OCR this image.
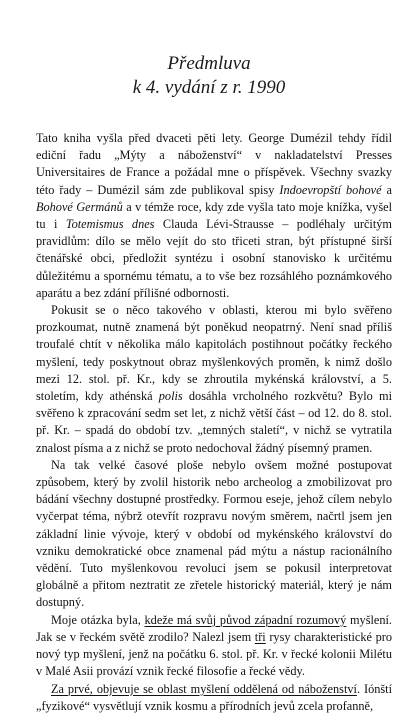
Předmluva
k 4. vydání z r. 1990

Tato kniha vyšla před dvaceti pěti lety. George Dumézil tehdy řídil ediční řadu „Mýty a náboženství“ v nakladatelství Presses Universitaires de France a požádal mne o příspěvek. Všechny svazky této řady – Dumézil sám zde publikoval spisy Indoevropští bohové a Bohové Germánů a v témže roce, kdy zde vyšla tato moje knížka, vyšel tu i Totemismus dnes Clauda Lévi-Strausse – podléhaly určitým pravidlům: dílo se mělo vejít do sto třiceti stran, být přístupné širší čtenářské obci, předložit syntézu i osobní stanovisko k určitému důležitému a spornému tématu, a to vše bez rozsáhlého poznámkového aparátu a bez zdání přílišné odbornosti.

Pokusit se o něco takového v oblasti, kterou mi bylo svěřeno prozkoumat, nutně znamená být poněkud neopatrný. Není snad příliš troufalé chtít v několika málo kapitolách postihnout počátky řeckého myšlení, tedy poskytnout obraz myšlenkových proměn, k nimž došlo mezi 12. stol. př. Kr., kdy se zhroutila mykénská království, a 5. stoletím, kdy athénská polis dosáhla vrcholného rozkvětu? Bylo mi svěřeno k zpracování sedm set let, z nichž větší část – od 12. do 8. stol. př. Kr. – spadá do období tzv. „temných staletí“, v nichž se vytratila znalost písma a z nichž se proto nedochoval žádný písemný pramen.

Na tak velké časové ploše nebylo ovšem možné postupovat způsobem, který by zvolil historik nebo archeolog a zmobilizovat pro bádání všechny dostupné prostředky. Formou eseje, jehož cílem nebylo vyčerpat téma, nýbrž otevřít rozpravu novým směrem, načrtl jsem jen základní linie vývoje, který v období od mykénského království do vzniku demokratické obce znamenal pád mýtu a nástup racionálního vědění. Tuto myšlenkovou revoluci jsem se pokusil interpretovat globálně a přitom neztratit ze zřetele historický materiál, který je nám dostupný.

Moje otázka byla, kdeže má svůj původ západní rozumový myšlení. Jak se v řeckém světě zrodilo? Nalezl jsem tři rysy charakteristické pro nový typ myšlení, jenž na počátku 6. stol. př. Kr. v řecké kolonii Milétu v Malé Asii provází vznik řecké filosofie a řecké vědy.

Za prvé, objevuje se oblast myšlení oddělená od náboženství. Iónští „fyzikové“ vysvětlují vznik kosmu a přírodních jevů zcela profanně,
